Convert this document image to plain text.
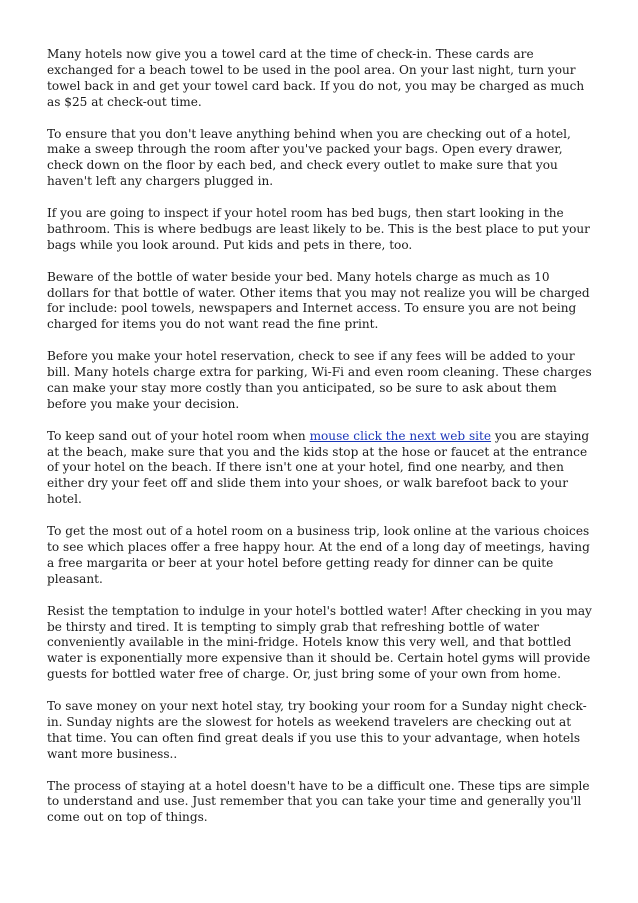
Many hotels now give you a towel card at the time of check-in. These cards are exchanged for a beach towel to be used in the pool area. On your last night, turn your towel back in and get your towel card back. If you do not, you may be charged as much as $25 at check-out time.

To ensure that you don't leave anything behind when you are checking out of a hotel, make a sweep through the room after you've packed your bags. Open every drawer, check down on the floor by each bed, and check every outlet to make sure that you haven't left any chargers plugged in.

If you are going to inspect if your hotel room has bed bugs, then start looking in the bathroom. This is where bedbugs are least likely to be. This is the best place to put your bags while you look around. Put kids and pets in there, too.

Beware of the bottle of water beside your bed. Many hotels charge as much as 10 dollars for that bottle of water. Other items that you may not realize you will be charged for include: pool towels, newspapers and Internet access. To ensure you are not being charged for items you do not want read the fine print.

Before you make your hotel reservation, check to see if any fees will be added to your bill. Many hotels charge extra for parking, Wi-Fi and even room cleaning. These charges can make your stay more costly than you anticipated, so be sure to ask about them before you make your decision.

To keep sand out of your hotel room when mouse click the next web site you are staying at the beach, make sure that you and the kids stop at the hose or faucet at the entrance of your hotel on the beach. If there isn't one at your hotel, find one nearby, and then either dry your feet off and slide them into your shoes, or walk barefoot back to your hotel.

To get the most out of a hotel room on a business trip, look online at the various choices to see which places offer a free happy hour. At the end of a long day of meetings, having a free margarita or beer at your hotel before getting ready for dinner can be quite pleasant.

Resist the temptation to indulge in your hotel's bottled water! After checking in you may be thirsty and tired. It is tempting to simply grab that refreshing bottle of water conveniently available in the mini-fridge. Hotels know this very well, and that bottled water is exponentially more expensive than it should be. Certain hotel gyms will provide guests for bottled water free of charge. Or, just bring some of your own from home.

To save money on your next hotel stay, try booking your room for a Sunday night check-in. Sunday nights are the slowest for hotels as weekend travelers are checking out at that time. You can often find great deals if you use this to your advantage, when hotels want more business..

The process of staying at a hotel doesn't have to be a difficult one. These tips are simple to understand and use. Just remember that you can take your time and generally you'll come out on top of things.
